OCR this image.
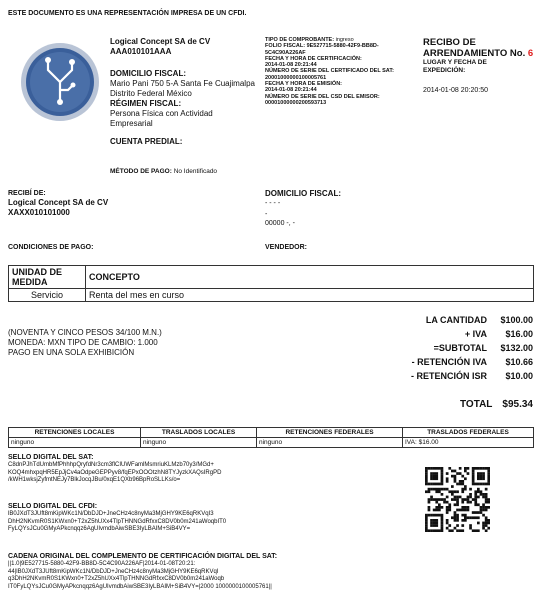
ESTE DOCUMENTO ES UNA REPRESENTACIÓN IMPRESA DE UN CFDI.
Logical Concept SA de CV
AAA010101AAA
DOMICILIO FISCAL:
Mario Pani 750 5-A Santa Fe Cuajimalpa
Distrito Federal México
RÉGIMEN FISCAL:
Persona Física con Actividad
Empresarial
CUENTA PREDIAL:
MÉTODO DE PAGO: No Identificado
TIPO DE COMPROBANTE: ingreso
FOLIO FISCAL: 9E527715-5880-42F9-BB8D-
5C4C90A226AF
FECHA Y HORA DE CERTIFICACIÓN:
2014-01-08 20:21:44
NÚMERO DE SERIE DEL CERTIFICADO DEL SAT:
20001000000100005761
FECHA Y HORA DE EMISIÓN:
2014-01-08 20:21:44
NÚMERO DE SERIE DEL CSD DEL EMISOR:
00001000000200593713
RECIBO DE
ARRENDAMIENTO No. 6
LUGAR Y FECHA DE
EXPEDICIÓN:
2014-01-08 20:20:50
RECIBÍ DE:
Logical Concept SA de CV
XAXX010101000
DOMICILIO FISCAL:
- - - -
-
00000 -, -
CONDICIONES DE PAGO:	VENDEDOR:
UNIDAD DE
MEDIDA	CONCEPTO
Servicio	Renta del mes en curso
(NOVENTA Y CINCO PESOS 34/100 M.N.)
MONEDA: MXN TIPO DE CAMBIO: 1.000
PAGO EN UNA SOLA EXHIBICIÓN
LA CANTIDAD	$100.00
+ IVA	$16.00
=SUBTOTAL	$132.00
- RETENCIÓN IVA	$10.66
- RETENCIÓN ISR	$10.00
TOTAL $95.34
RETENCIONES LOCALES	TRASLADOS LOCALES	RETENCIONES FEDERALES	TRASLADOS FEDERALES
ninguno	ninguno	ninguno	IVA: $16.00
SELLO DIGITAL DEL SAT:
C8dnPJhTdUmbMfPhhhpQryfdNr3cm3flCIUWFamlMsmriuKLMzb70y3/MGd+
KOQ4mhxpqHR5EpJjCv4aOdpeGEPPyv8/fqEPxOOOtzhN8TYJyzkXAQsIRgPD
/kWH1wksjZyfmtNEJy7BlkJocqJBu/0xqE1QXb96BpRoSLLKs/o=
SELLO DIGITAL DEL CFDI:
lB0JXdT3JUft8mKipWKc1N/DbDJD+JneCHz4c8nyMa3MjGHY9KE6qRKVqI3
DhH2NKvmR0S1KWxn0+T2xZ5hUXx4TlpTHNNGdRfxxC8DV0b0m241aWoqbIT0
FyLQYsJCu0GMyAPkcnqqz6AgUIvmdbAiwSBE3IyLBAIM+SiB4VY=
CADENA ORIGINAL DEL COMPLEMENTO DE CERTIFICACIÓN DIGITAL DEL SAT:
||1.0|9E527715-5880-42F9-BB8D-5C4C90A226AF|2014-01-08T20:21:
44|lB0JXdT3JUft8mKipWKc1N/DbDJD+JneCHz4c8nyMa3MjGHY9KE6qRKVqI
q3DhH2NKvmR0S1KWxn0+T2xZ5hUXx4TlpTHNNGdRfxxC8DV0b0m241aWoqb
IT0FyLQYsJCu0GMyAPkcnqqz6AgUIvmdbAiwSBE3IyLBAIM+SiB4VY=|2000 1000000100005761||
